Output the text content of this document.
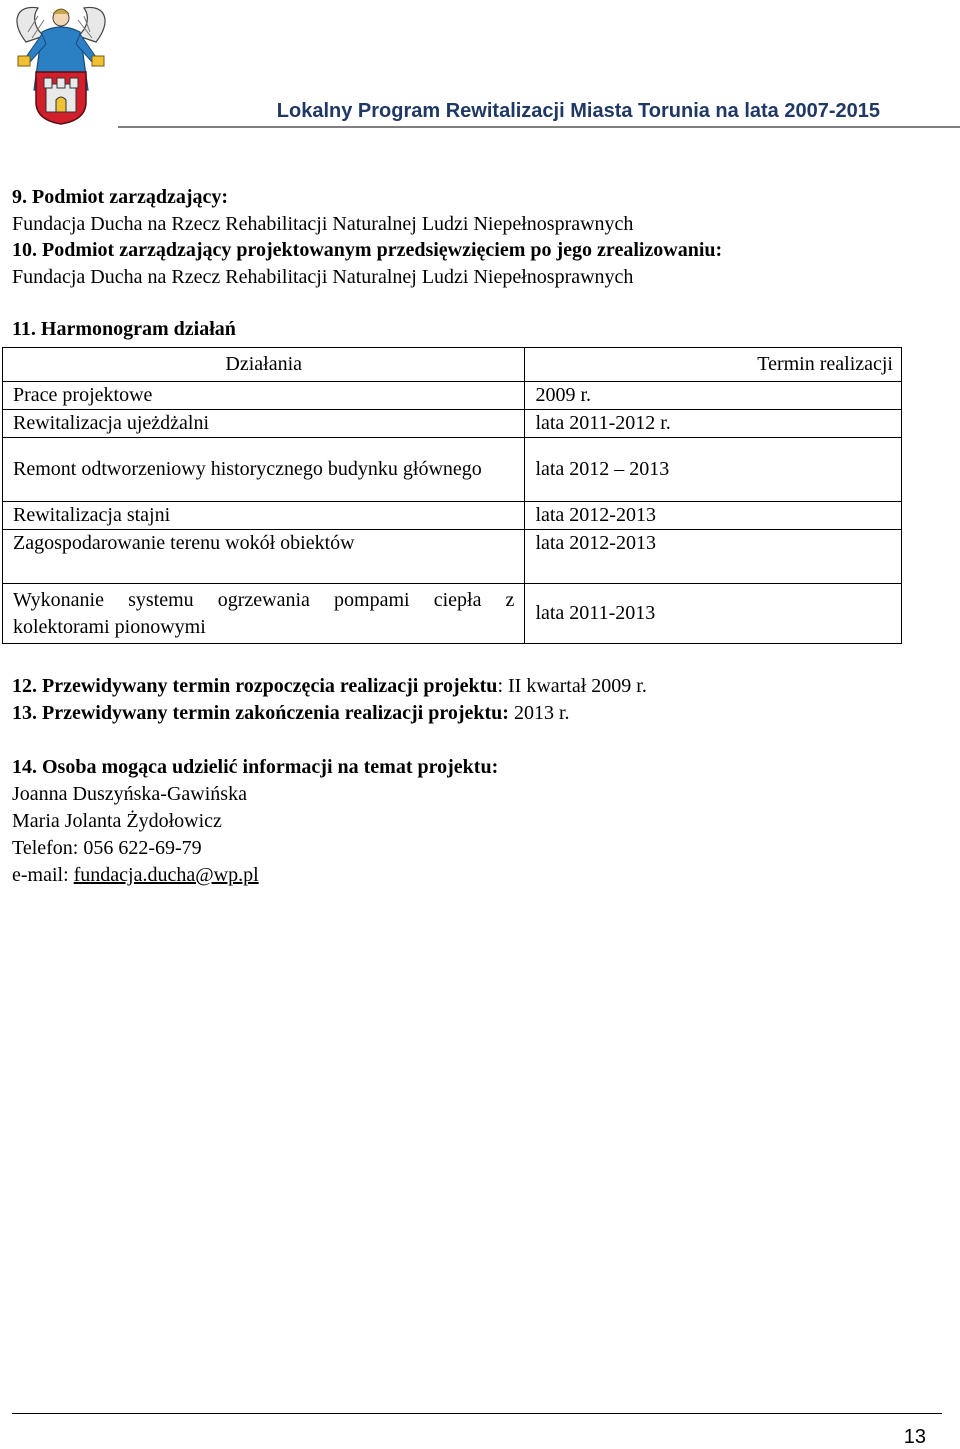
Lokalny Program Rewitalizacji Miasta Torunia na lata 2007-2015
9. Podmiot zarządzający:
Fundacja Ducha na Rzecz Rehabilitacji Naturalnej Ludzi Niepełnosprawnych
10. Podmiot zarządzający projektowanym przedsięwzięciem po jego zrealizowaniu:
Fundacja Ducha na Rzecz Rehabilitacji Naturalnej Ludzi Niepełnosprawnych
11. Harmonogram działań
Działania	Termin realizacji
Prace projektowe	2009 r.
Rewitalizacja ujeżdżalni	lata 2011-2012 r.
Remont odtworzeniowy historycznego budynku głównego	lata 2012 – 2013
Rewitalizacja stajni	lata 2012-2013
Zagospodarowanie terenu wokół obiektów	lata 2012-2013
Wykonanie systemu ogrzewania pompami ciepła z kolektorami pionowymi	lata 2011-2013
12. Przewidywany termin rozpoczęcia realizacji projektu: II kwartał 2009 r.
13. Przewidywany termin zakończenia realizacji projektu: 2013 r.
14. Osoba mogąca udzielić informacji na temat projektu:
Joanna Duszyńska-Gawińska
Maria Jolanta Żydołowicz
Telefon: 056 622-69-79
e-mail: fundacja.ducha@wp.pl
13
